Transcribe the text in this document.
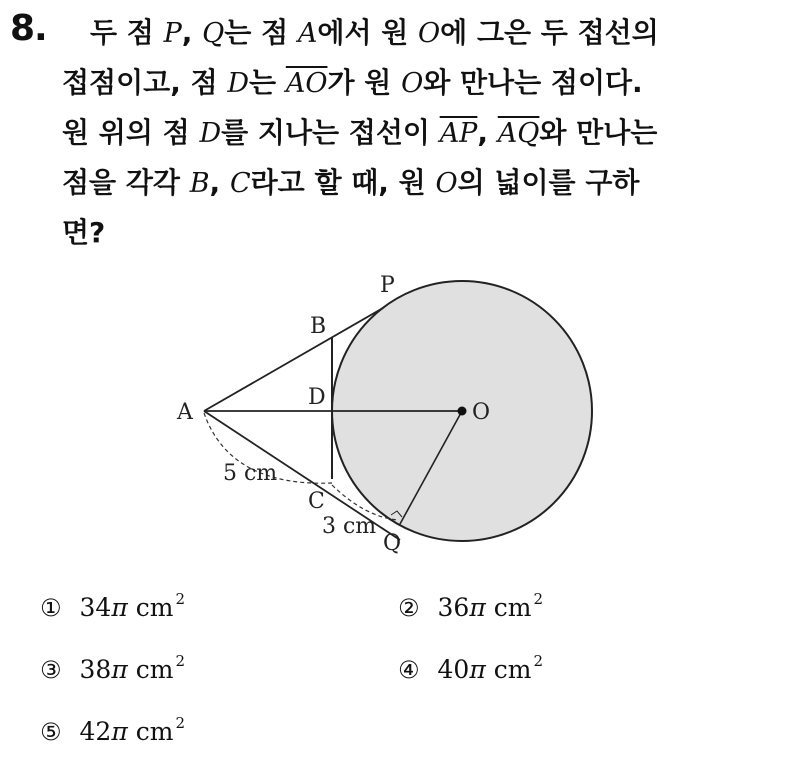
8.	두 점 P, Q는 점 A에서 원 O에 그은 두 접선의
접점이고, 점 D는 $\overline{AO}$가 원 O와 만나는 점이다.
원 위의 점 D를 지나는 접선이 $\overline{AP}$, $\overline{AQ}$와 만나는
점을 각각 B, C라고 할 때, 원 O의 넓이를 구하
면?
P
B
A
D
O
C
Q
5 cm
3 cm
① 34π cm $^2$	② 36π cm $^2$
③ 38π cm $^2$	④ 40π cm $^2$
⑤ 42π cm $^2$
